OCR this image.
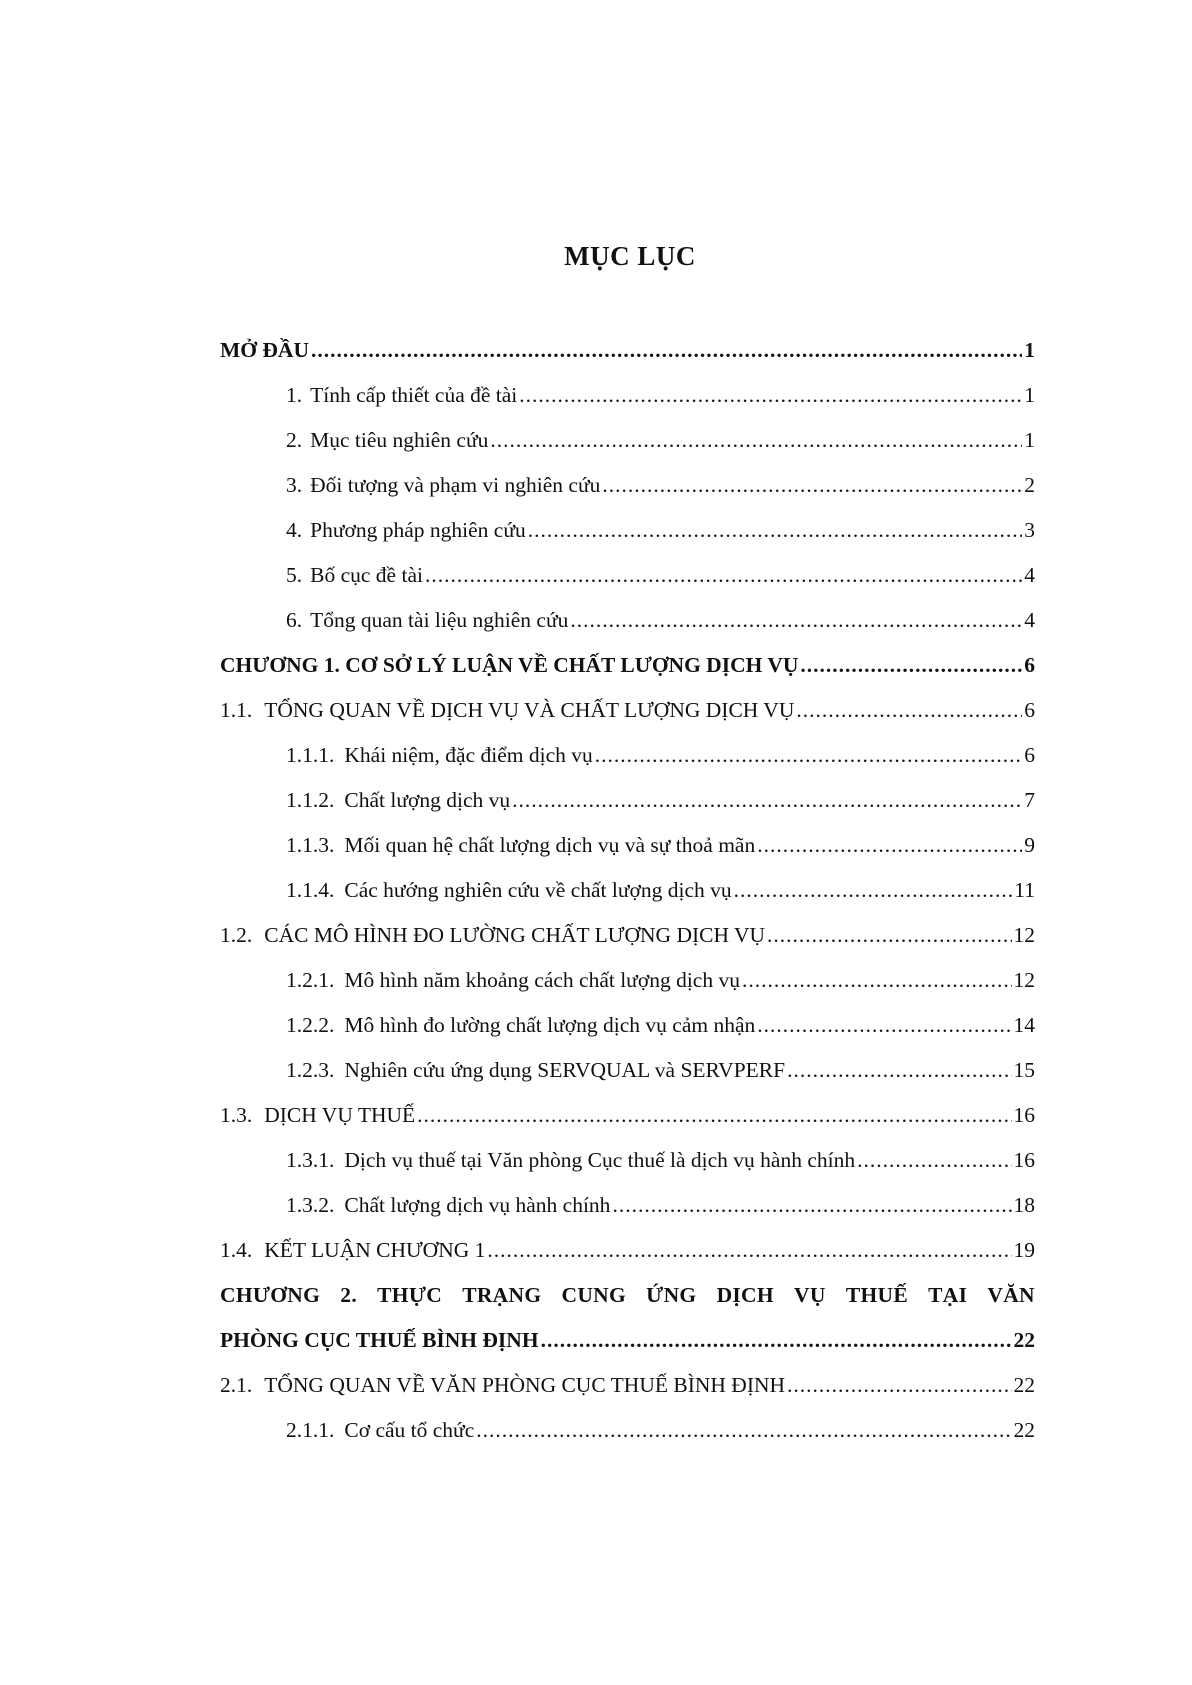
MỤC LỤC
MỞ ĐẦU .....	1
1. Tính cấp thiết của đề tài .....	1
2. Mục tiêu nghiên cứu .....	1
3. Đối tượng và phạm vi nghiên cứu .....	2
4. Phương pháp nghiên cứu .....	3
5. Bố cục đề tài .....	4
6. Tổng quan tài liệu nghiên cứu .....	4
CHƯƠNG 1. CƠ SỞ LÝ LUẬN VỀ CHẤT LƯỢNG DỊCH VỤ .....	6
1.1. TỔNG QUAN VỀ DỊCH VỤ VÀ CHẤT LƯỢNG DỊCH VỤ .....	6
1.1.1. Khái niệm, đặc điểm dịch vụ .....	6
1.1.2. Chất lượng dịch vụ .....	7
1.1.3. Mối quan hệ chất lượng dịch vụ và sự thoả mãn .....	9
1.1.4. Các hướng nghiên cứu về chất lượng dịch vụ .....	11
1.2. CÁC MÔ HÌNH ĐO LƯỜNG CHẤT LƯỢNG DỊCH VỤ .....	12
1.2.1. Mô hình năm khoảng cách chất lượng dịch vụ .....	12
1.2.2. Mô hình đo lường chất lượng dịch vụ cảm nhận .....	14
1.2.3. Nghiên cứu ứng dụng SERVQUAL và SERVPERF .....	15
1.3. DỊCH VỤ THUẾ .....	16
1.3.1. Dịch vụ thuế tại Văn phòng Cục thuế là dịch vụ hành chính .....	16
1.3.2. Chất lượng dịch vụ hành chính .....	18
1.4. KẾT LUẬN CHƯƠNG 1 .....	19
CHƯƠNG 2. THỰC TRẠNG CUNG ỨNG DỊCH VỤ THUẾ TẠI VĂN
PHÒNG CỤC THUẾ BÌNH ĐỊNH .....	22
2.1. TỔNG QUAN VỀ VĂN PHÒNG CỤC THUẾ BÌNH ĐỊNH .....	22
2.1.1. Cơ cấu tổ chức .....	22
